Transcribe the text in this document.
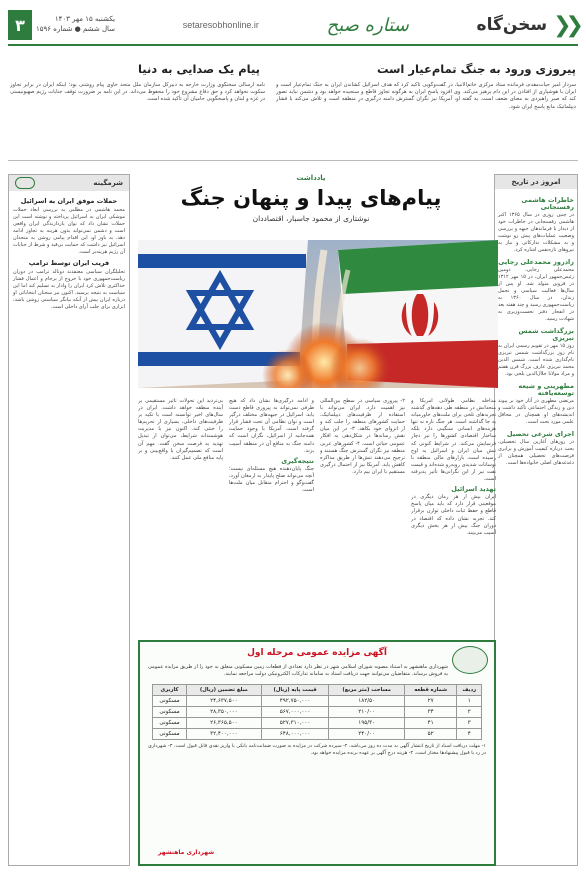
❮❮
سخن‌گاه
ستاره صبح
setaresobhonline.ir
یکشنبه ۱۵ مهر ۱۴۰۳
سال ششم ● شماره ۱۵۹۶
۳
پیروزی ورود به جنگ تمام‌عیار است
پیام یک صدایی به دنیا
سردار امیر حیات‌مقدم، فرمانده ستاد مرکزی خاتم‌الانبیا، در گفت‌وگویی تأکید کرد که هدف اسرائیل کشاندن ایران به جنگ تمام‌عیار است و ایران با هوشیاری از افتادن در این دام پرهیز می‌کند. وی افزود پاسخ ایران به هرگونه تجاوز قاطع و سنجیده خواهد بود و دشمن نباید تصور کند که صبر راهبردی به معنای ضعف است. به گفته او، آمریکا نیز نگران گسترش دامنه درگیری در منطقه است و تلاش می‌کند با فشار دیپلماتیک مانع پاسخ ایران شود.
نامه ارسالی سخنگوی وزارت خارجه به دبیرکل سازمان ملل متحد حاوی پیام روشنی بود؛ اینکه ایران در برابر تجاوز سکوت نخواهد کرد و حق دفاع مشروع خود را محفوظ می‌داند. در این نامه بر ضرورت توقف جنایات رژیم صهیونیستی در غزه و لبنان و پاسخگویی حامیان آن تأکید شده است.
امروز در تاریخ
خاطرات هاشمی رفسنجانی

در چنین روزی در سال ۱۳۶۵ اکبر هاشمی رفسنجانی در خاطرات خود از دیدار با فرماندهان جبهه و بررسی وضعیت عملیات‌های پیش رو نوشت و به مشکلات تدارکاتی و نیاز به نیروهای تازه‌نفس اشاره کرد.

زادروز محمدعلی رجایی

محمدعلی رجایی، دومین رئیس‌جمهور ایران، در ۱۵ مهر ۱۳۱۲ در قزوین متولد شد. او پس از سال‌ها فعالیت سیاسی و تحمل زندان، در سال ۱۳۶۰ به ریاست‌جمهوری رسید و چند هفته بعد در انفجار دفتر نخست‌وزیری به شهادت رسید.

بزرگداشت شمس تبریزی

روز ۱۵ مهر در تقویم رسمی ایران به نام روز بزرگداشت شمس تبریزی نام‌گذاری شده است. شمس الدین محمد تبریزی عارف بزرگ قرن هفتم و مراد مولانا جلال‌الدین بلخی بود.

مطهرینی و شیعه توسعه‌یافته

مرتضی مطهری در آثار خود بر پیوند دین و زندگی اجتماعی تأکید داشت و اندیشه‌های او همچنان در محافل علمی مورد بحث است.

اجرای شرعی تحصیل

در روزهای آغازین سال تحصیلی، بحث درباره کیفیت آموزش و برابری فرصت‌های تحصیلی همچنان از دغدغه‌های اصلی خانواده‌ها است.

یادداشت
پیام‌های پیدا و پنهان جنگ
نوشتاری از محمود جاسبار، اقتصاددان
مداخله نظامی طولانی آمریکا و متحدانش در منطقه طی دهه‌های گذشته تجربه‌های تلخی برای ملت‌های خاورمیانه به جا گذاشته است. هر جنگ تازه نه تنها هزینه‌های انسانی سنگینی دارد بلکه ساختار اقتصادی کشورها را نیز دچار فرسایش می‌کند. در شرایط کنونی که تنش میان ایران و اسرائیل به اوج رسیده است، بازارهای مالی منطقه با نوسانات شدیدی روبه‌رو شده‌اند و قیمت نفت نیز از این نگرانی‌ها تأثیر پذیرفته است.
تهدید اسرائیل
ایران بیش از هر زمان دیگری در موقعیتی قرار دارد که باید میان پاسخ قاطع و حفظ ثبات داخلی توازن برقرار کند. تجربه نشان داده که اقتصاد در دوران جنگ بیش از هر بخش دیگری آسیب می‌بیند.
۲- پیروزی سیاسی در سطح بین‌المللی نیز اهمیت دارد. ایران می‌تواند با استفاده از ظرفیت‌های دیپلماتیک، حمایت کشورهای منطقه را جلب کند و از انزوای خود بکاهد. ۳- در این میان نقش رسانه‌ها در شکل‌دهی به افکار عمومی حیاتی است. ۴- کشورهای عربی منطقه نیز نگران گسترش جنگ هستند و ترجیح می‌دهند تنش‌ها از طریق مذاکره کاهش یابد. آمریکا نیز از احتمال درگیری مستقیم با ایران بیم دارد.
و ادامه درگیری‌ها نشان داد که هیچ طرفی نمی‌تواند به پیروزی قاطع دست یابد. اسرائیل در جبهه‌های مختلف درگیر است و توان نظامی آن تحت فشار قرار گرفته است. آمریکا با وجود حمایت همه‌جانبه از اسرائیل، نگران است که دامنه جنگ به منافع آن در منطقه آسیب بزند.
نتیجه‌گیری
جنگ پایان‌دهنده هیچ مسئله‌ای نیست؛ آنچه می‌تواند صلح پایدار به ارمغان آورد، گفت‌وگو و احترام متقابل میان ملت‌ها است.
بی‌تردید این تحولات تأثیر مستقیمی بر آینده منطقه خواهد داشت. ایران در سال‌های اخیر توانسته است با تکیه بر ظرفیت‌های داخلی، بسیاری از تحریم‌ها را خنثی کند. اکنون نیز با مدیریت هوشمندانه شرایط، می‌توان از تبدیل تهدید به فرصت سخن گفت. مهم آن است که تصمیم‌گیران با واقع‌بینی و بر پایه منافع ملی عمل کنند.
آگهی مزایده عمومی مرحله اول
شهرداری ماهنشهر به استناد مصوبه شورای اسلامی شهر در نظر دارد تعدادی از قطعات زمین مسکونی متعلق به خود را از طریق مزایده عمومی به فروش برساند. متقاضیان می‌توانند جهت دریافت اسناد به سامانه تدارکات الکترونیکی دولت مراجعه نمایند.
ردیف	شماره قطعه	مساحت (متر مربع)	قیمت پایه (ریال)	مبلغ تضمین (ریال)	کاربری
۱	۲۷	۱۸۲/۵۰	۴۹۲,۷۵۰,۰۰۰	۲۴,۶۳۷,۵۰۰	مسکونی
۲	۳۴	۲۱۰/۰۰	۵۶۷,۰۰۰,۰۰۰	۲۸,۳۵۰,۰۰۰	مسکونی
۳	۴۱	۱۹۵/۳۰	۵۲۷,۳۱۰,۰۰۰	۲۶,۳۶۵,۵۰۰	مسکونی
۴	۵۲	۲۴۰/۰۰	۶۴۸,۰۰۰,۰۰۰	۳۲,۴۰۰,۰۰۰	مسکونی
۱- مهلت دریافت اسناد از تاریخ انتشار آگهی به مدت ده روز می‌باشد. ۲- سپرده شرکت در مزایده به صورت ضمانت‌نامه بانکی یا واریز نقدی قابل قبول است. ۳- شهرداری در رد یا قبول پیشنهادها مختار است. ۴- هزینه درج آگهی بر عهده برنده مزایده خواهد بود.
شهرداری ماهنشهر
شرمگینه
حملات موفق ایران به اسرائیل

محمد هاشمی در مطلبی به بررسی ابعاد حملات موشکی ایران به اسرائیل پرداخته و نوشته است این حملات نشان داد که توان بازدارندگی ایران واقعی است و دشمن نمی‌تواند بدون هزینه به تجاوز ادامه دهد. به باور او، این اقدام پیامی روشن به متحدان اسرائیل نیز داشت که حمایت بی‌قید و شرط از جنایات آن رژیم هزینه‌بر است.

فریب ایران توسط ترامپ

تحلیلگران سیاسی معتقدند دونالد ترامپ در دوران ریاست‌جمهوری خود با خروج از برجام و اعمال فشار حداکثری تلاش کرد ایران را وادار به تسلیم کند اما این سیاست به نتیجه نرسید. اکنون نیز سخنان انتخاباتی او درباره ایران بیش از آنکه بیانگر سیاستی روشن باشد، ابزاری برای جلب آرای داخلی است.
